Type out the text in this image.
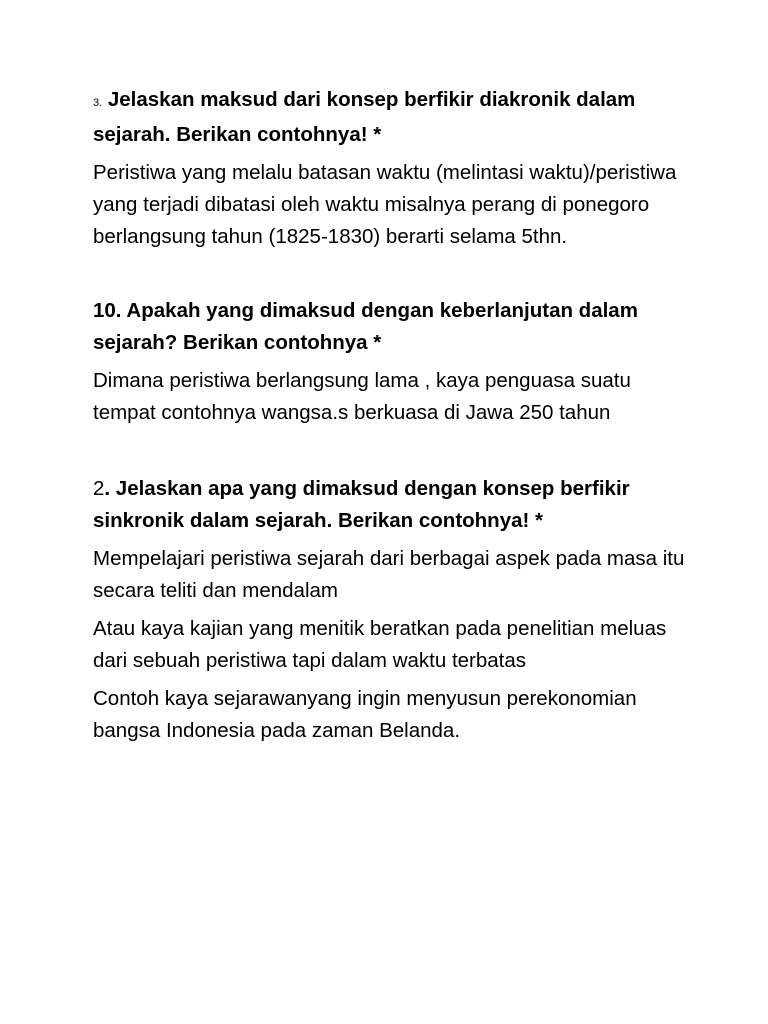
3. Jelaskan maksud dari konsep berfikir diakronik dalam sejarah. Berikan contohnya! *

Peristiwa yang melalu batasan waktu (melintasi waktu)/peristiwa yang terjadi dibatasi oleh waktu misalnya perang di ponegoro berlangsung tahun (1825-1830) berarti selama 5thn.

10. Apakah yang dimaksud dengan keberlanjutan dalam sejarah? Berikan contohnya *

Dimana peristiwa berlangsung lama , kaya penguasa suatu tempat contohnya wangsa.s berkuasa di Jawa 250 tahun

2. Jelaskan apa yang dimaksud dengan konsep berfikir sinkronik dalam sejarah. Berikan contohnya! *

Mempelajari peristiwa sejarah dari berbagai aspek pada masa itu secara teliti dan mendalam

Atau kaya kajian yang menitik beratkan pada penelitian meluas dari sebuah peristiwa tapi dalam waktu terbatas

Contoh kaya sejarawanyang ingin menyusun perekonomian bangsa Indonesia pada zaman Belanda.
